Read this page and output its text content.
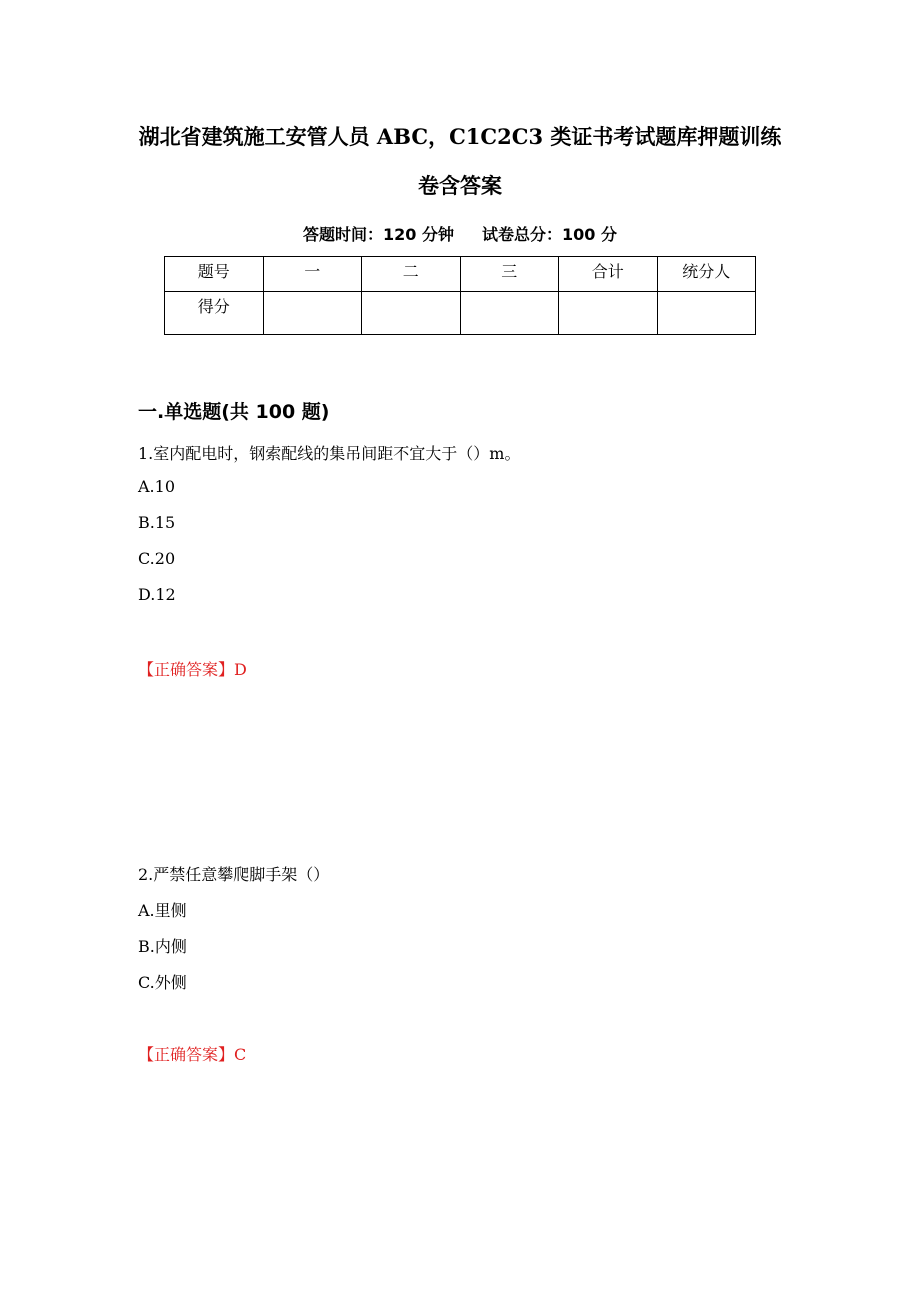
湖北省建筑施工安管人员 ABC，C1C2C3 类证书考试题库押题训练
卷含答案
答题时间：120 分钟 试卷总分：100 分
题号	一	二	三	合计	统分人
得分					
一.单选题(共 100 题)
1.室内配电时，钢索配线的集吊间距不宜大于（）m。
A.10
B.15
C.20
D.12
【正确答案】D
2.严禁任意攀爬脚手架（）
A.里侧
B.内侧
C.外侧
【正确答案】C
